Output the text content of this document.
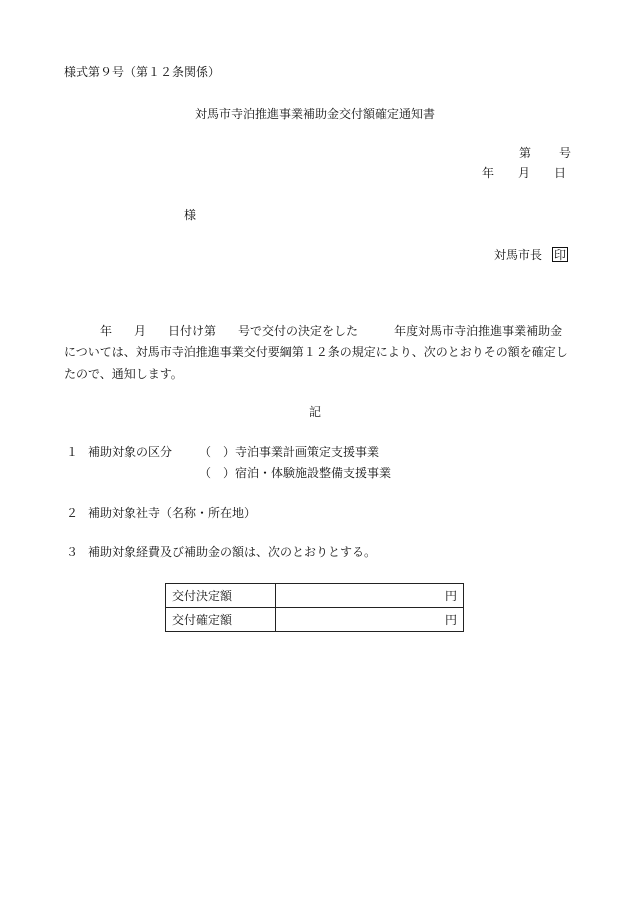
様式第９号（第１２条関係）
対馬市寺泊推進事業補助金交付額確定通知書
第 号
年 月 日
様
対馬市長 印
年 月 日付け第 号で交付の決定をした	年度対馬市寺泊推進事業補助金
については、対馬市寺泊推進事業交付要綱第１２条の規定により、次のとおりその額を確定し
たので、通知します。
記
１ 補助対象の区分 （　）寺泊事業計画策定支援事業
（　）宿泊・体験施設整備支援事業
２ 補助対象社寺（名称・所在地）
３ 補助対象経費及び補助金の額は、次のとおりとする。
交付決定額	円
交付確定額	円
